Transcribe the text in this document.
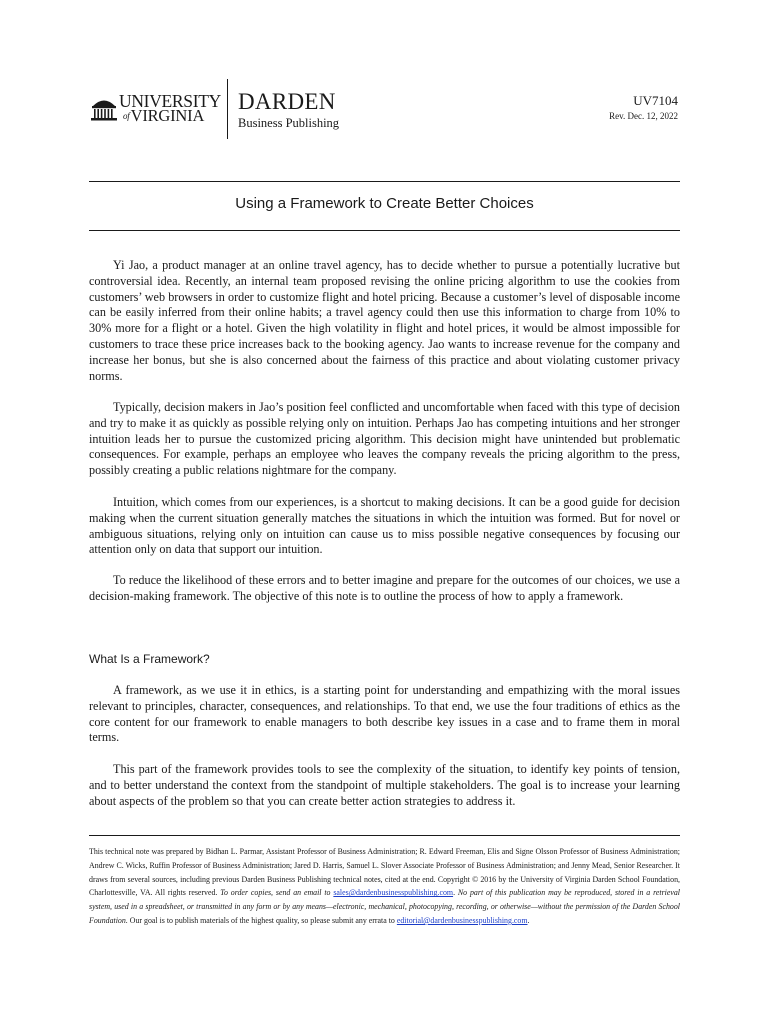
UNIVERSITY
ofVIRGINIA
DARDEN
Business Publishing
UV7104
Rev. Dec. 12, 2022
Using a Framework to Create Better Choices

Yi Jao, a product manager at an online travel agency, has to decide whether to pursue a potentially lucrative but controversial idea. Recently, an internal team proposed revising the online pricing algorithm to use the cookies from customers’ web browsers in order to customize flight and hotel pricing. Because a customer’s level of disposable income can be easily inferred from their online habits; a travel agency could then use this information to charge from 10% to 30% more for a flight or a hotel. Given the high volatility in flight and hotel prices, it would be almost impossible for customers to trace these price increases back to the booking agency. Jao wants to increase revenue for the company and increase her bonus, but she is also concerned about the fairness of this practice and about violating customer privacy norms.

Typically, decision makers in Jao’s position feel conflicted and uncomfortable when faced with this type of decision and try to make it as quickly as possible relying only on intuition. Perhaps Jao has competing intuitions and her stronger intuition leads her to pursue the customized pricing algorithm. This decision might have unintended but problematic consequences. For example, perhaps an employee who leaves the company reveals the pricing algorithm to the press, possibly creating a public relations nightmare for the company.

Intuition, which comes from our experiences, is a shortcut to making decisions. It can be a good guide for decision making when the current situation generally matches the situations in which the intuition was formed. But for novel or ambiguous situations, relying only on intuition can cause us to miss possible negative consequences by focusing our attention only on data that support our intuition.

To reduce the likelihood of these errors and to better imagine and prepare for the outcomes of our choices, we use a decision-making framework. The objective of this note is to outline the process of how to apply a framework.

What Is a Framework?

A framework, as we use it in ethics, is a starting point for understanding and empathizing with the moral issues relevant to principles, character, consequences, and relationships. To that end, we use the four traditions of ethics as the core content for our framework to enable managers to both describe key issues in a case and to frame them in moral terms.

This part of the framework provides tools to see the complexity of the situation, to identify key points of tension, and to better understand the context from the standpoint of multiple stakeholders. The goal is to increase your learning about aspects of the problem so that you can create better action strategies to address it.

This technical note was prepared by Bidhan L. Parmar, Assistant Professor of Business Administration; R. Edward Freeman, Elis and Signe Olsson Professor of Business Administration; Andrew C. Wicks, Ruffin Professor of Business Administration; Jared D. Harris, Samuel L. Slover Associate Professor of Business Administration; and Jenny Mead, Senior Researcher. It draws from several sources, including previous Darden Business Publishing technical notes, cited at the end. Copyright © 2016 by the University of Virginia Darden School Foundation, Charlottesville, VA. All rights reserved. To order copies, send an email to sales@dardenbusinesspublishing.com. No part of this publication may be reproduced, stored in a retrieval system, used in a spreadsheet, or transmitted in any form or by any means—electronic, mechanical, photocopying, recording, or otherwise—without the permission of the Darden School Foundation. Our goal is to publish materials of the highest quality, so please submit any errata to editorial@dardenbusinesspublishing.com.
